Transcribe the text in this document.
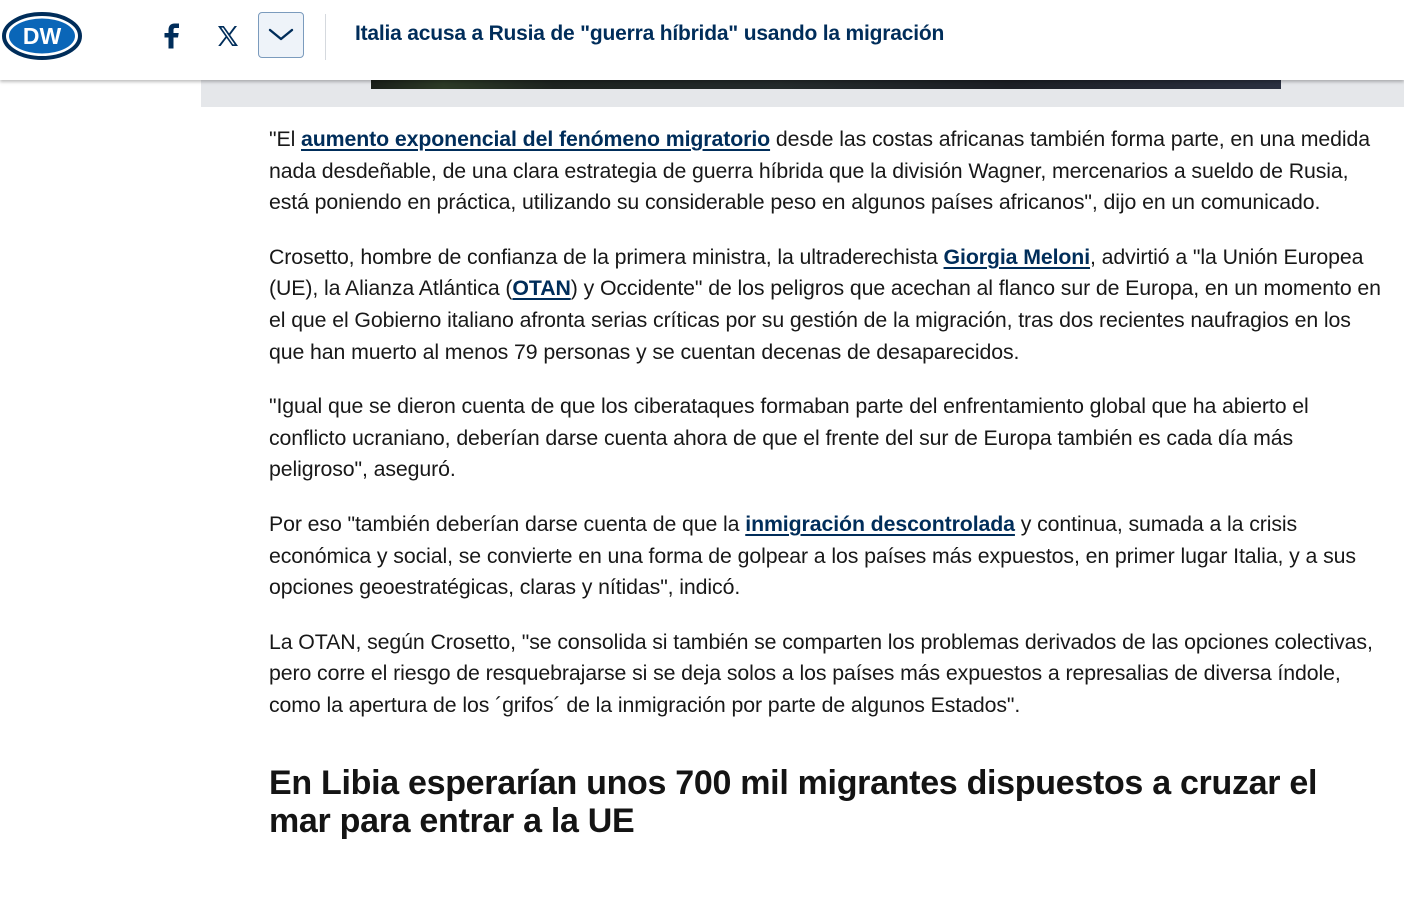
DW	Italia acusa a Rusia de "guerra híbrida" usando la migración

"El aumento exponencial del fenómeno migratorio desde las costas africanas también forma parte, en una medida nada desdeñable, de una clara estrategia de guerra híbrida que la división Wagner, mercenarios a sueldo de Rusia, está poniendo en práctica, utilizando su considerable peso en algunos países africanos", dijo en un comunicado.

Crosetto, hombre de confianza de la primera ministra, la ultraderechista Giorgia Meloni, advirtió a "la Unión Europea (UE), la Alianza Atlántica (OTAN) y Occidente" de los peligros que acechan al flanco sur de Europa, en un momento en el que el Gobierno italiano afronta serias críticas por su gestión de la migración, tras dos recientes naufragios en los que han muerto al menos 79 personas y se cuentan decenas de desaparecidos.

"Igual que se dieron cuenta de que los ciberataques formaban parte del enfrentamiento global que ha abierto el conflicto ucraniano, deberían darse cuenta ahora de que el frente del sur de Europa también es cada día más peligroso", aseguró.

Por eso "también deberían darse cuenta de que la inmigración descontrolada y continua, sumada a la crisis económica y social, se convierte en una forma de golpear a los países más expuestos, en primer lugar Italia, y a sus opciones geoestratégicas, claras y nítidas", indicó.

La OTAN, según Crosetto, "se consolida si también se comparten los problemas derivados de las opciones colectivas, pero corre el riesgo de resquebrajarse si se deja solos a los países más expuestos a represalias de diversa índole, como la apertura de los ´grifos´ de la inmigración por parte de algunos Estados".

En Libia esperarían unos 700 mil migrantes dispuestos a cruzar el mar para entrar a la UE
